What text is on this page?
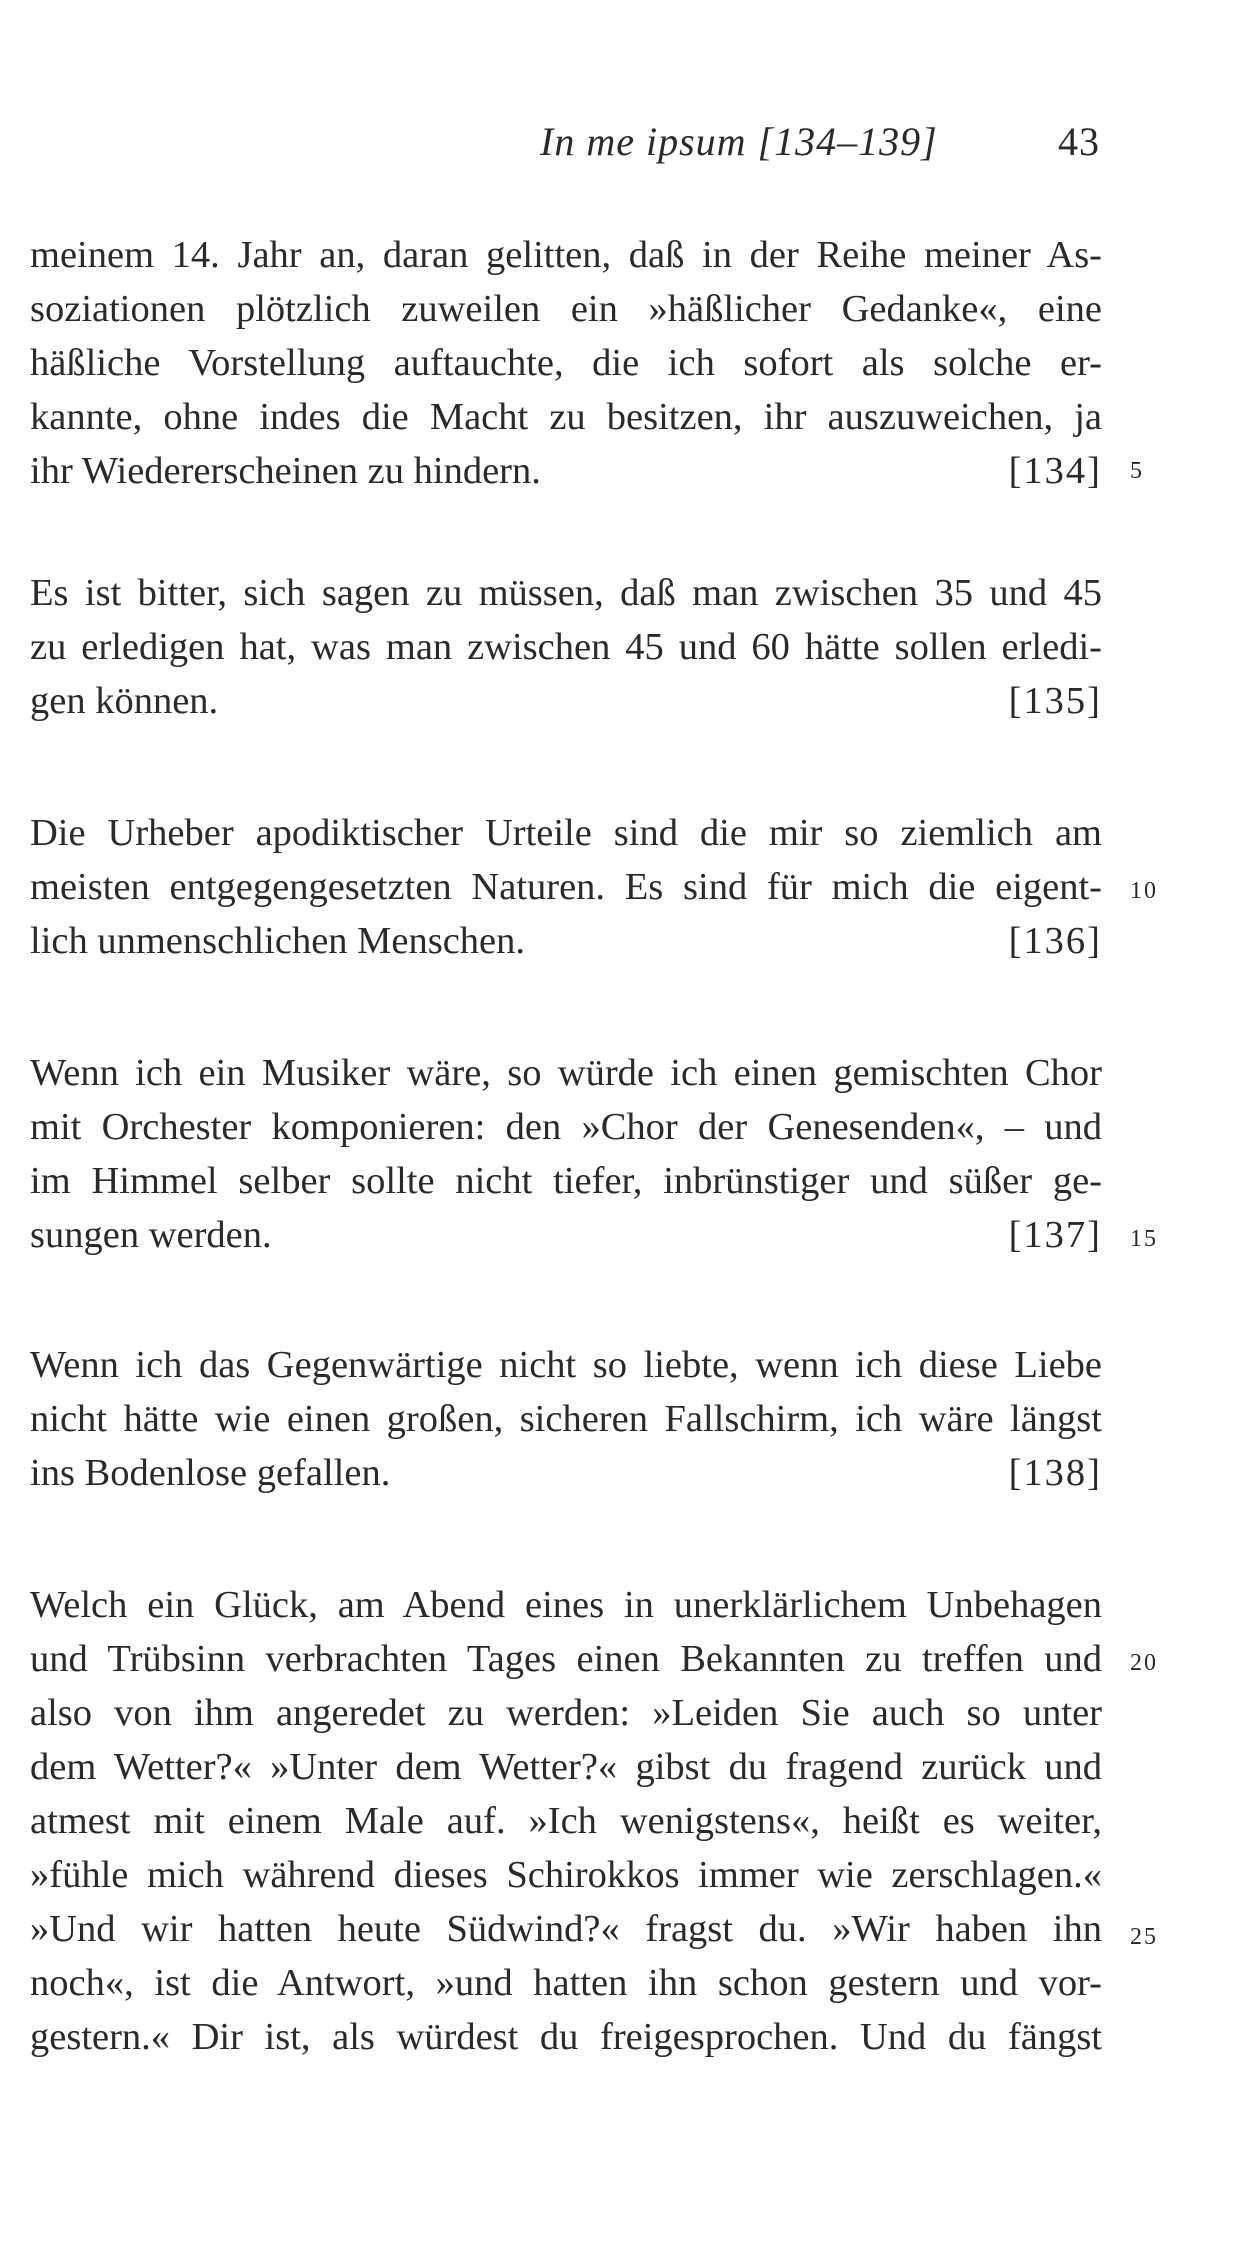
In me ipsum [134–139]	43
meinem 14. Jahr an, daran gelitten, daß in der Reihe meiner As-
soziationen plötzlich zuweilen ein »häßlicher Gedanke«, eine
häßliche Vorstellung auftauchte, die ich sofort als solche er-
kannte, ohne indes die Macht zu besitzen, ihr auszuweichen, ja
ihr Wiedererscheinen zu hindern.	[134]
Es ist bitter, sich sagen zu müssen, daß man zwischen 35 und 45
zu erledigen hat, was man zwischen 45 und 60 hätte sollen erledi-
gen können.	[135]
Die Urheber apodiktischer Urteile sind die mir so ziemlich am
meisten entgegengesetzten Naturen. Es sind für mich die eigent-
lich unmenschlichen Menschen.	[136]
Wenn ich ein Musiker wäre, so würde ich einen gemischten Chor
mit Orchester komponieren: den »Chor der Genesenden«, – und
im Himmel selber sollte nicht tiefer, inbrünstiger und süßer ge-
sungen werden.	[137]
Wenn ich das Gegenwärtige nicht so liebte, wenn ich diese Liebe
nicht hätte wie einen großen, sicheren Fallschirm, ich wäre längst
ins Bodenlose gefallen.	[138]
Welch ein Glück, am Abend eines in unerklärlichem Unbehagen
und Trübsinn verbrachten Tages einen Bekannten zu treffen und
also von ihm angeredet zu werden: »Leiden Sie auch so unter
dem Wetter?« »Unter dem Wetter?« gibst du fragend zurück und
atmest mit einem Male auf. »Ich wenigstens«, heißt es weiter,
»fühle mich während dieses Schirokkos immer wie zerschlagen.«
»Und wir hatten heute Südwind?« fragst du. »Wir haben ihn
noch«, ist die Antwort, »und hatten ihn schon gestern und vor-
gestern.« Dir ist, als würdest du freigesprochen. Und du fängst
5
10
15
20
25
